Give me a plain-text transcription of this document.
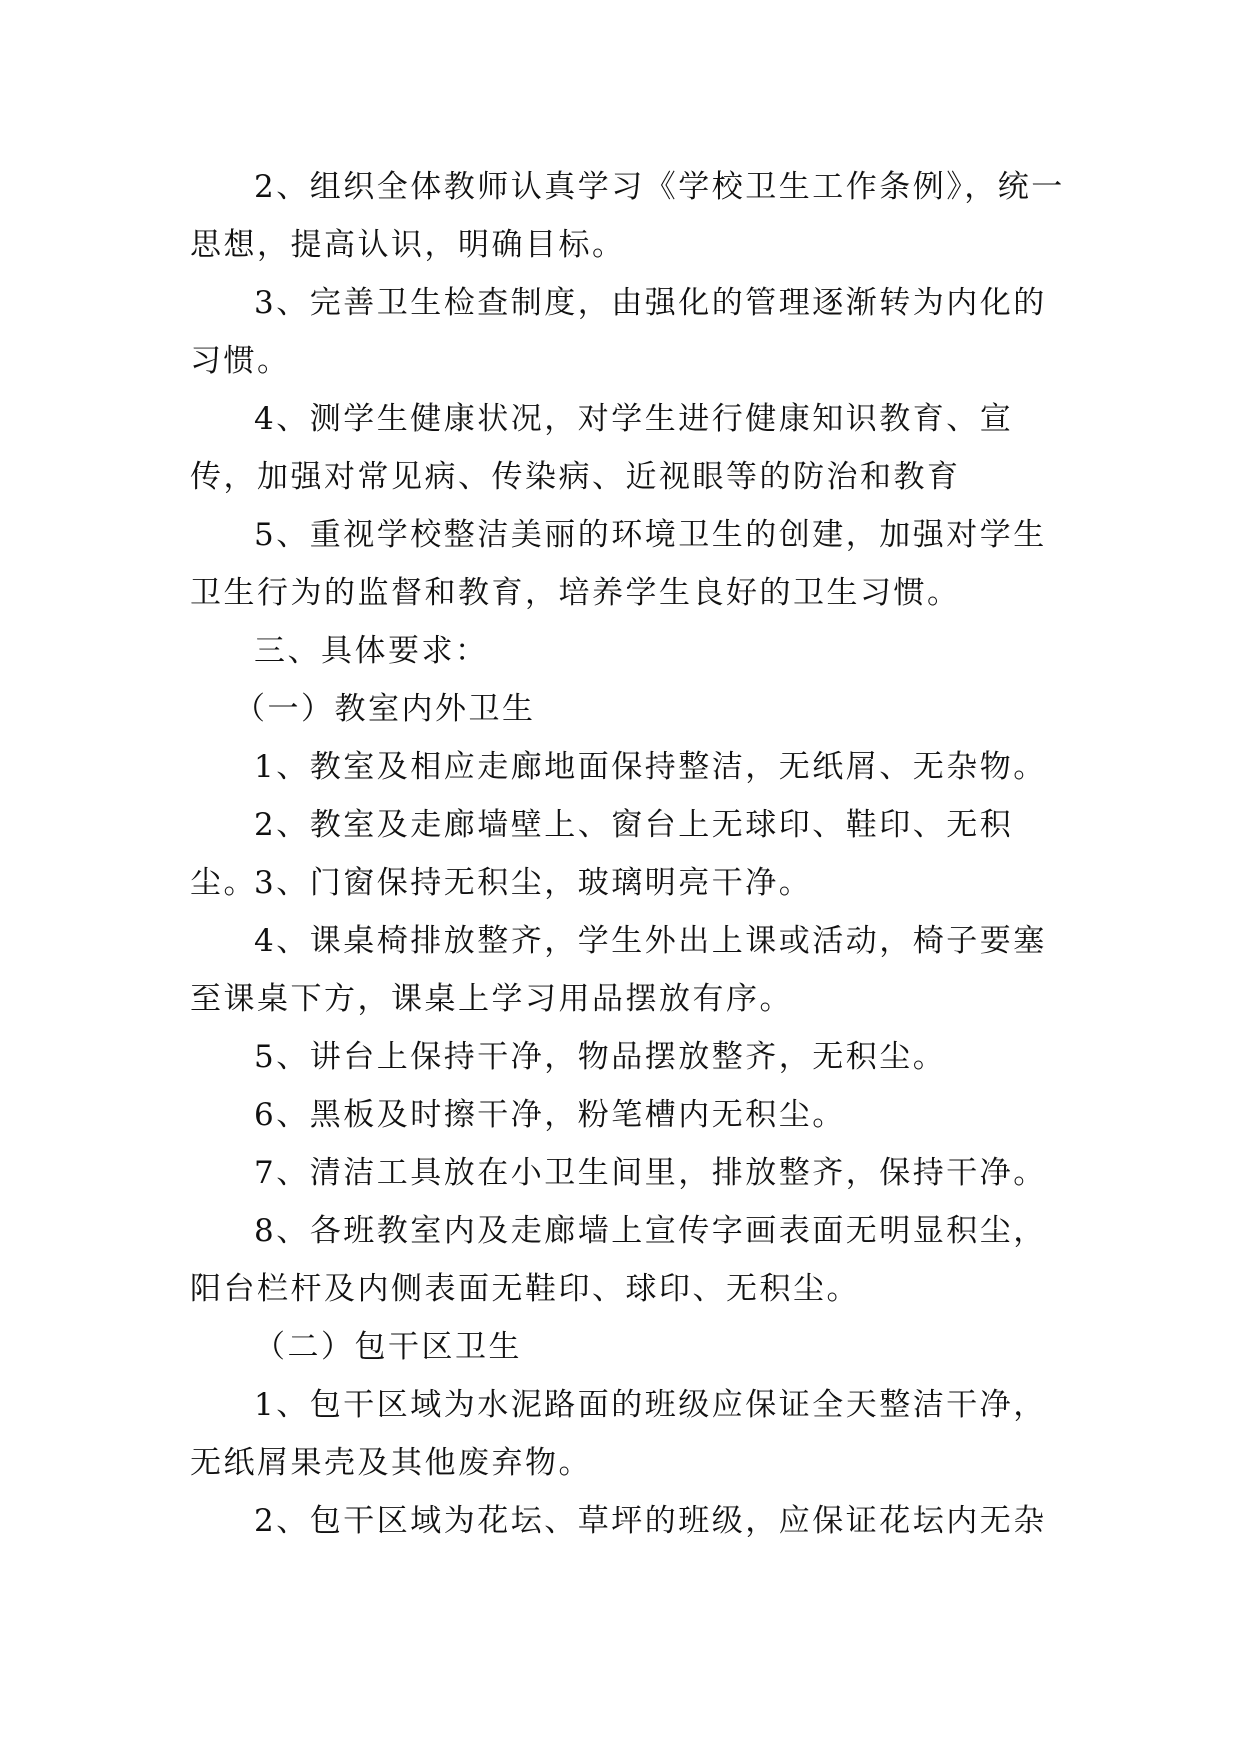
2、组织全体教师认真学习《学校卫生工作条例》，统一思想，提高认识，明确目标。

3、完善卫生检查制度，由强化的管理逐渐转为内化的习惯。

4、测学生健康状况，对学生进行健康知识教育、宣传，加强对常见病、传染病、近视眼等的防治和教育

5、重视学校整洁美丽的环境卫生的创建，加强对学生卫生行为的监督和教育，培养学生良好的卫生习惯。

三、具体要求：

（一）教室内外卫生

1、教室及相应走廊地面保持整洁，无纸屑、无杂物。

2、教室及走廊墙壁上、窗台上无球印、鞋印、无积尘。

3、门窗保持无积尘，玻璃明亮干净。

4、课桌椅排放整齐，学生外出上课或活动，椅子要塞至课桌下方，课桌上学习用品摆放有序。

5、讲台上保持干净，物品摆放整齐，无积尘。

6、黑板及时擦干净，粉笔槽内无积尘。

7、清洁工具放在小卫生间里，排放整齐，保持干净。

8、各班教室内及走廊墙上宣传字画表面无明显积尘，阳台栏杆及内侧表面无鞋印、球印、无积尘。

（二）包干区卫生

1、包干区域为水泥路面的班级应保证全天整洁干净，无纸屑果壳及其他废弃物。

2、包干区域为花坛、草坪的班级，应保证花坛内无杂
